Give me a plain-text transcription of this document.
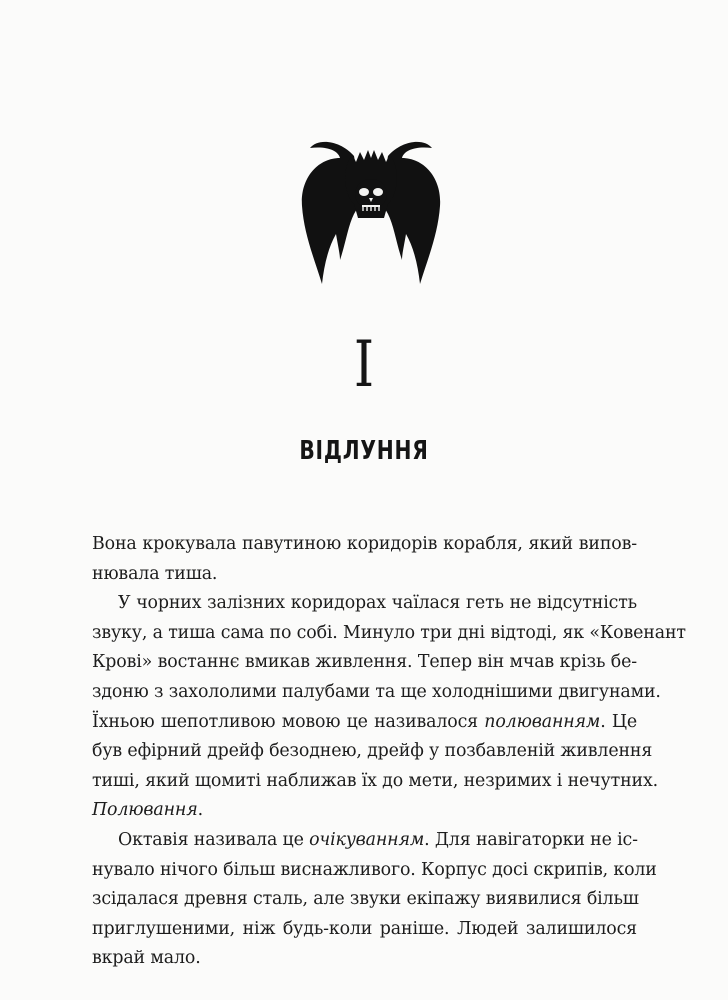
I
ВІДЛУННЯ
Вона крокувала павутиною коридорів корабля, який випов-
нювала тиша.
У чорних залізних коридорах чаїлася геть не відсутність
звуку, а тиша сама по собі. Минуло три дні відтоді, як «Ковенант
Крові» востаннє вмикав живлення. Тепер він мчав крізь бе-
здоню з захололими палубами та ще холоднішими двигунами.
Їхньою шепотливою мовою це називалося полюванням. Це
був ефірний дрейф безоднею, дрейф у позбавленій живлення
тиші, який щомиті наближав їх до мети, незримих і нечутних.
Полювання.
Октавія називала це очікуванням. Для навігаторки не іс-
нувало нічого більш виснажливого. Корпус досі скрипів, коли
зсідалася древня сталь, але звуки екіпажу виявилися більш
приглушеними, ніж будь-коли раніше. Людей залишилося
вкрай мало.
